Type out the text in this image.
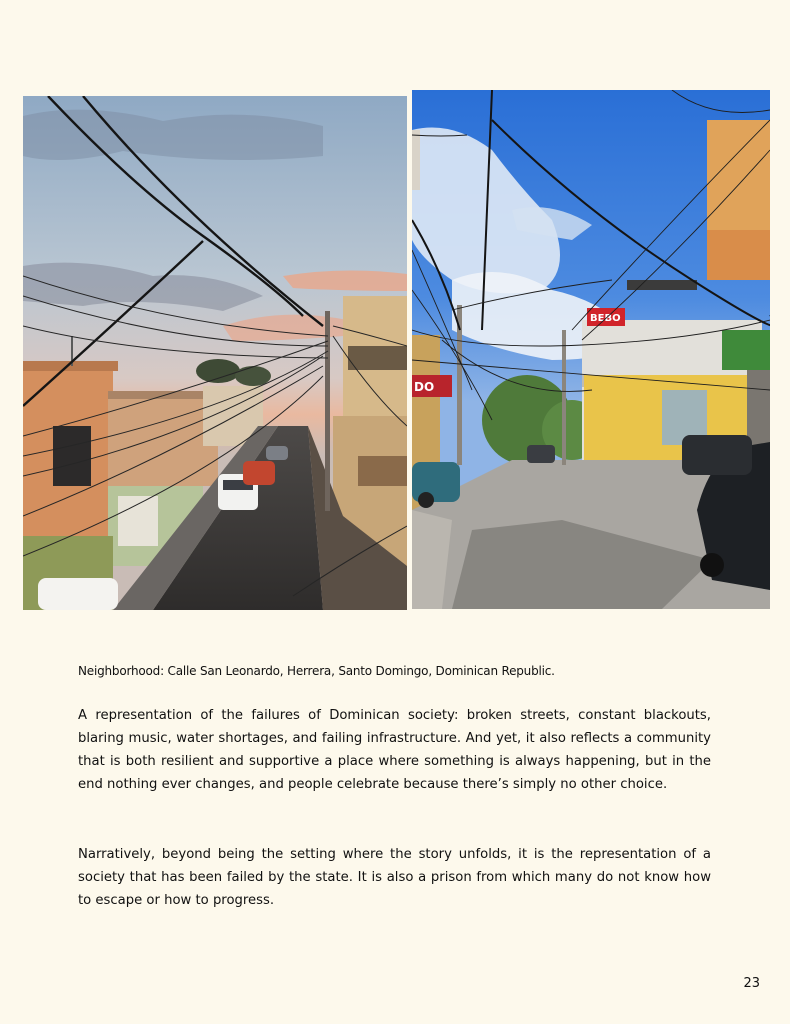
DO
BEBO
Neighborhood: Calle San Leonardo, Herrera, Santo Domingo, Dominican Republic.

A representation of the failures of Dominican society: broken streets, constant blackouts, blaring music, water shortages, and failing infrastructure. And yet, it also reflects a community that is both resilient and supportive a place where something is always happening, but in the end nothing ever changes, and people celebrate because there’s simply no other choice.

Narratively, beyond being the setting where the story unfolds, it is the representation of a society that has been failed by the state. It is also a prison from which many do not know how to escape or how to progress.

23
